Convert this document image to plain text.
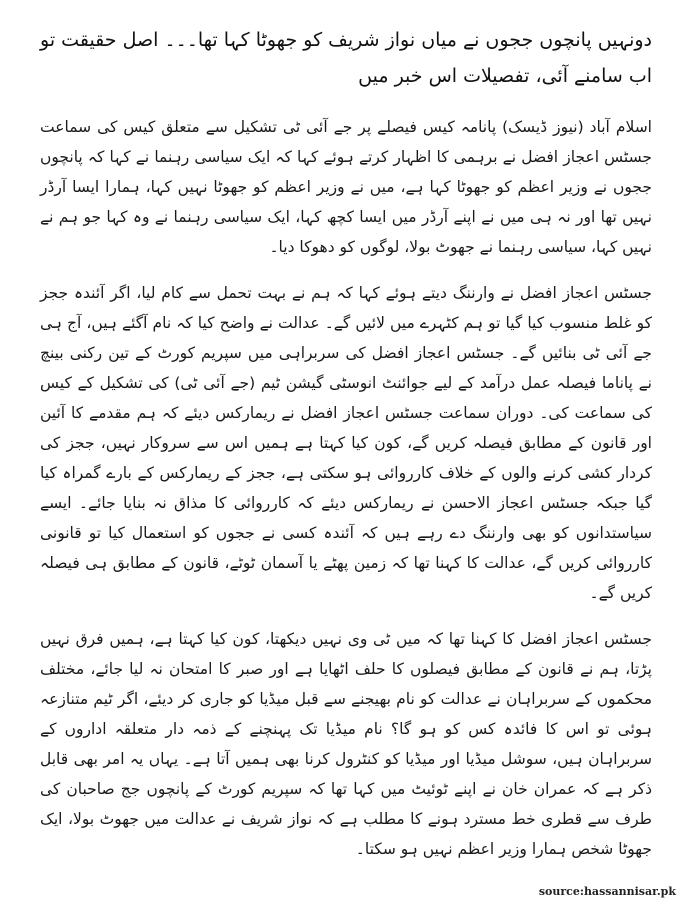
دونہیں پانچوں ججوں نے میاں نواز شریف کو جھوٹا کہا تھا۔۔۔ اصل حقیقت تو اب سامنے آئی، تفصیلات اس خبر میں
اسلام آباد (نیوز ڈیسک) پانامہ کیس فیصلے پر جے آئی ٹی تشکیل سے متعلق کیس کی سماعت جسٹس اعجاز افضل نے برہمی کا اظہار کرتے ہوئے کہا کہ ایک سیاسی رہنما نے کہا کہ پانچوں ججوں نے وزیر اعظم کو جھوٹا کہا ہے، میں نے وزیر اعظم کو جھوٹا نہیں کہا، ہمارا ایسا آرڈر نہیں تھا اور نہ ہی میں نے اپنے آرڈر میں ایسا کچھ کہا، ایک سیاسی رہنما نے وہ کہا جو ہم نے نہیں کہا، سیاسی رہنما نے جھوٹ بولا، لوگوں کو دھوکا دیا۔
جسٹس اعجاز افضل نے وارننگ دیتے ہوئے کہا کہ ہم نے بہت تحمل سے کام لیا، اگر آئندہ ججز کو غلط منسوب کیا گیا تو ہم کٹہرے میں لائیں گے۔ عدالت نے واضح کیا کہ نام آگئے ہیں، آج ہی جے آئی ٹی بنائیں گے۔ جسٹس اعجاز افضل کی سربراہی میں سپریم کورٹ کے تین رکنی بینچ نے پاناما فیصلہ عمل درآمد کے لیے جوائنٹ انوسٹی گیشن ٹیم (جے آئی ٹی) کی تشکیل کے کیس کی سماعت کی۔ دوران سماعت جسٹس اعجاز افضل نے ریمارکس دیئے کہ ہم مقدمے کا آئین اور قانون کے مطابق فیصلہ کریں گے، کون کیا کہتا ہے ہمیں اس سے سروکار نہیں، ججز کی کردار کشی کرنے والوں کے خلاف کارروائی ہو سکتی ہے، ججز کے ریمارکس کے بارے گمراہ کیا گیا جبکہ جسٹس اعجاز الاحسن نے ریمارکس دیئے کہ کارروائی کا مذاق نہ بنایا جائے۔ ایسے سیاستدانوں کو بھی وارننگ دے رہے ہیں کہ آئندہ کسی نے ججوں کو استعمال کیا تو قانونی کارروائی کریں گے، عدالت کا کہنا تھا کہ زمین پھٹے یا آسمان ٹوٹے، قانون کے مطابق ہی فیصلہ کریں گے۔
جسٹس اعجاز افضل کا کہنا تھا کہ میں ٹی وی نہیں دیکھتا، کون کیا کہتا ہے، ہمیں فرق نہیں پڑتا، ہم نے قانون کے مطابق فیصلوں کا حلف اٹھایا ہے اور صبر کا امتحان نہ لیا جائے، مختلف محکموں کے سربراہان نے عدالت کو نام بھیجنے سے قبل میڈیا کو جاری کر دیئے، اگر ٹیم متنازعہ ہوئی تو اس کا فائدہ کس کو ہو گا؟ نام میڈیا تک پہنچنے کے ذمہ دار متعلقہ اداروں کے سربراہان ہیں، سوشل میڈیا اور میڈیا کو کنٹرول کرنا بھی ہمیں آتا ہے۔ یہاں یہ امر بھی قابل ذکر ہے کہ عمران خان نے اپنے ٹوئیٹ میں کہا تھا کہ سپریم کورٹ کے پانچوں جج صاحبان کی طرف سے قطری خط مسترد ہونے کا مطلب ہے کہ نواز شریف نے عدالت میں جھوٹ بولا، ایک جھوٹا شخص ہمارا وزیر اعظم نہیں ہو سکتا۔
source:hassannisar.pk
